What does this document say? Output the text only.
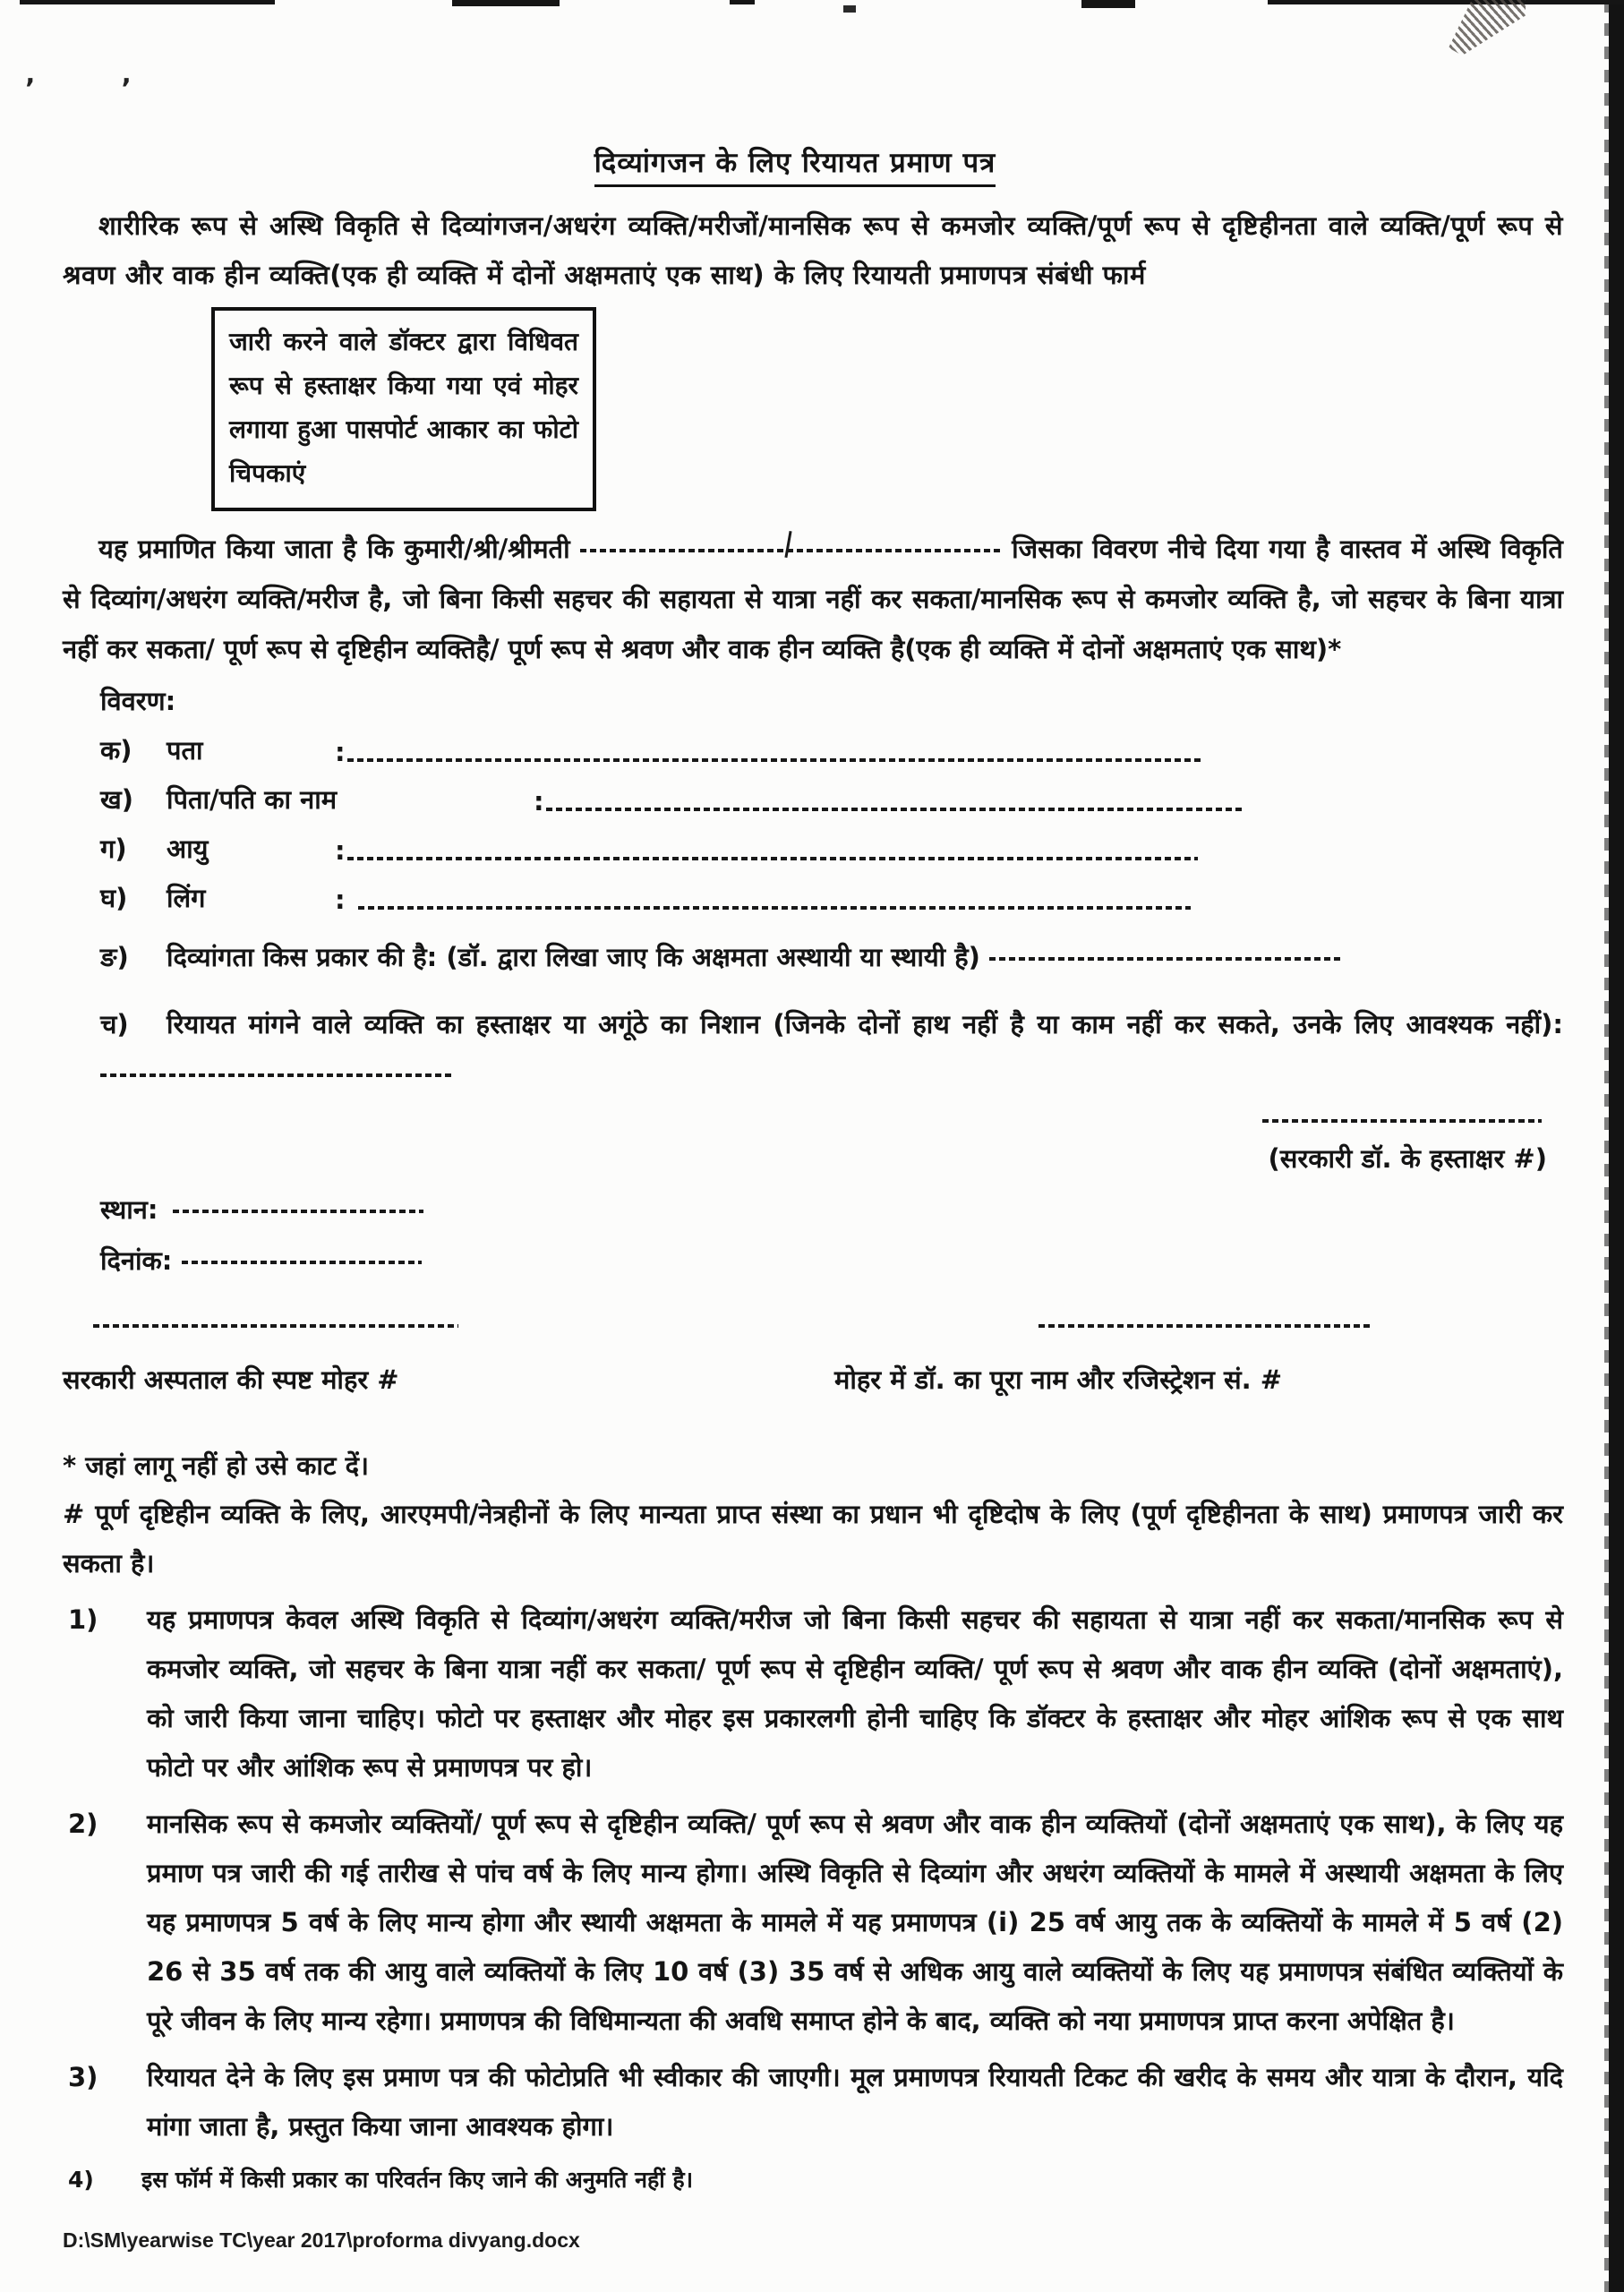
’’
दिव्यांगजन के लिए रियायत प्रमाण पत्र

शारीरिक रूप से अस्थि विकृति से दिव्यांगजन/अधरंग व्यक्ति/मरीजों/मानसिक रूप से कमजोर व्यक्ति/पूर्ण रूप से दृष्टिहीनता वाले व्यक्ति/पूर्ण रूप से श्रवण और वाक हीन व्यक्ति(एक ही व्यक्ति में दोनों अक्षमताएं एक साथ) के लिए रियायती प्रमाणपत्र संबंधी फार्म

जारी करने वाले डॉक्टर द्वारा विधिवत रूप से हस्ताक्षर किया गया एवं मोहर लगाया हुआ पासपोर्ट आकार का फोटो चिपकाएं

यह प्रमाणित किया जाता है कि कुमारी/श्री/श्रीमती	जिसका विवरण नीचे दिया गया है वास्तव में अस्थि विकृति से दिव्यांग/अधरंग व्यक्ति/मरीज है, जो बिना किसी सहचर की सहायता से यात्रा नहीं कर सकता/मानसिक रूप से कमजोर व्यक्ति है, जो सहचर के बिना यात्रा नहीं कर सकता/ पूर्ण रूप से दृष्टिहीन व्यक्तिहै/ पूर्ण रूप से श्रवण और वाक हीन व्यक्ति है(एक ही व्यक्ति में दोनों अक्षमताएं एक साथ)*

विवरण:
क)	पता	:
ख)	पिता/पति का नाम	:
ग)	आयु	:
घ)	लिंग	:
ङ) दिव्यांगता किस प्रकार की है: (डॉ. द्वारा लिखा जाए कि अक्षमता अस्थायी या स्थायी है)
च) रियायत मांगने वाले व्यक्ति का हस्ताक्षर या अगूंठे का निशान (जिनके दोनों हाथ नहीं है या काम नहीं कर सकते, उनके लिए आवश्यक नहीं):
(सरकारी डॉ. के हस्ताक्षर #)
स्थान:
दिनांक:
सरकारी अस्पताल की स्पष्ट मोहर #	मोहर में डॉ. का पूरा नाम और रजिस्ट्रेशन सं. #
* जहां लागू नहीं हो उसे काट दें।
# पूर्ण दृष्टिहीन व्यक्ति के लिए, आरएमपी/नेत्रहीनों के लिए मान्यता प्राप्त संस्था का प्रधान भी दृष्टिदोष के लिए (पूर्ण दृष्टिहीनता के साथ) प्रमाणपत्र जारी कर सकता है।
1)	यह प्रमाणपत्र केवल अस्थि विकृति से दिव्यांग/अधरंग व्यक्ति/मरीज जो बिना किसी सहचर की सहायता से यात्रा नहीं कर सकता/मानसिक रूप से कमजोर व्यक्ति, जो सहचर के बिना यात्रा नहीं कर सकता/ पूर्ण रूप से दृष्टिहीन व्यक्ति/ पूर्ण रूप से श्रवण और वाक हीन व्यक्ति (दोनों अक्षमताएं), को जारी किया जाना चाहिए। फोटो पर हस्ताक्षर और मोहर इस प्रकारलगी होनी चाहिए कि डॉक्टर के हस्ताक्षर और मोहर आंशिक रूप से एक साथ फोटो पर और आंशिक रूप से प्रमाणपत्र पर हो।
2)	मानसिक रूप से कमजोर व्यक्तियों/ पूर्ण रूप से दृष्टिहीन व्यक्ति/ पूर्ण रूप से श्रवण और वाक हीन व्यक्तियों (दोनों अक्षमताएं एक साथ), के लिए यह प्रमाण पत्र जारी की गई तारीख से पांच वर्ष के लिए मान्य होगा। अस्थि विकृति से दिव्यांग और अधरंग व्यक्तियों के मामले में अस्थायी अक्षमता के लिए यह प्रमाणपत्र 5 वर्ष के लिए मान्य होगा और स्थायी अक्षमता के मामले में यह प्रमाणपत्र (i) 25 वर्ष आयु तक के व्यक्तियों के मामले में 5 वर्ष (2) 26 से 35 वर्ष तक की आयु वाले व्यक्तियों के लिए 10 वर्ष (3) 35 वर्ष से अधिक आयु वाले व्यक्तियों के लिए यह प्रमाणपत्र संबंधित व्यक्तियों के पूरे जीवन के लिए मान्य रहेगा। प्रमाणपत्र की विधिमान्यता की अवधि समाप्त होने के बाद, व्यक्ति को नया प्रमाणपत्र प्राप्त करना अपेक्षित है।
3)	रियायत देने के लिए इस प्रमाण पत्र की फोटोप्रति भी स्वीकार की जाएगी। मूल प्रमाणपत्र रियायती टिकट की खरीद के समय और यात्रा के दौरान, यदि मांगा जाता है, प्रस्तुत किया जाना आवश्यक होगा।
4)	इस फॉर्म में किसी प्रकार का परिवर्तन किए जाने की अनुमति नहीं है।
D:\SM\yearwise TC\year 2017\proforma divyang.docx
